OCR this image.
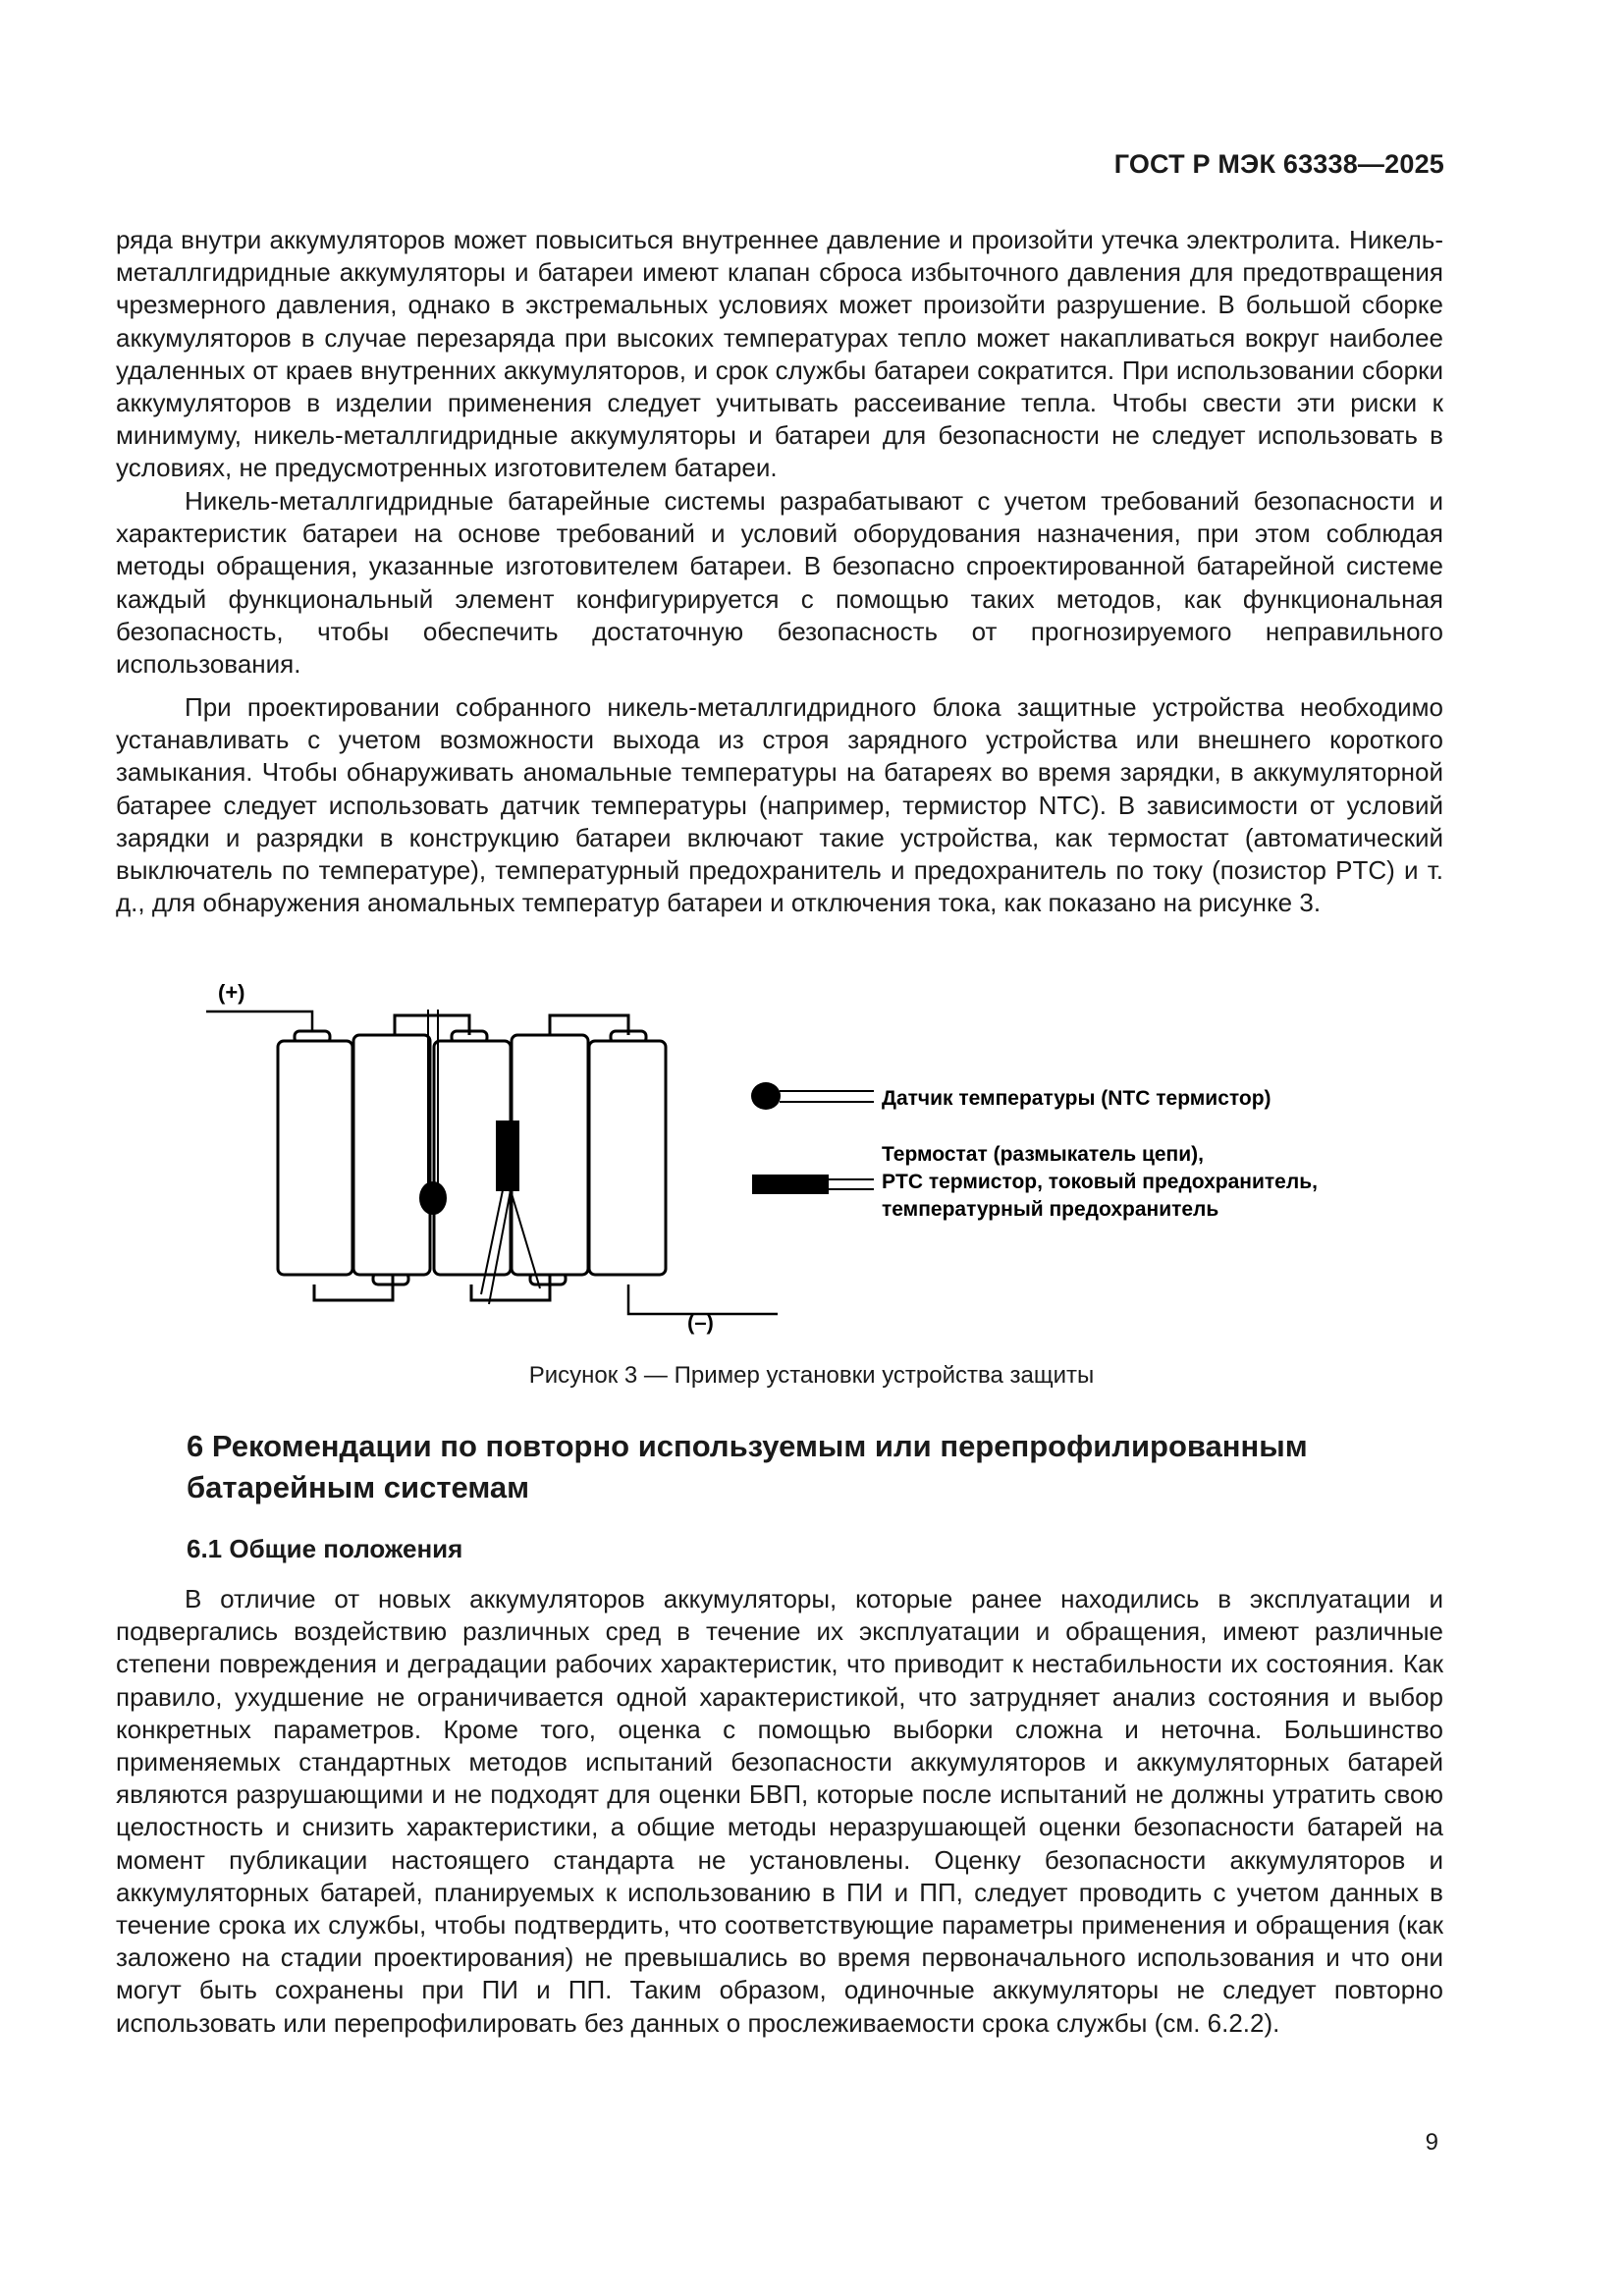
ГОСТ Р МЭК 63338—2025

ряда внутри аккумуляторов может повыситься внутреннее давление и произойти утечка электролита. Никель-металлгидридные аккумуляторы и батареи имеют клапан сброса избыточного давления для предотвращения чрезмерного давления, однако в экстремальных условиях может произойти разрушение. В большой сборке аккумуляторов в случае перезаряда при высоких температурах тепло может накапливаться вокруг наиболее удаленных от краев внутренних аккумуляторов, и срок службы батареи сократится. При использовании сборки аккумуляторов в изделии применения следует учитывать рассеивание тепла. Чтобы свести эти риски к минимуму, никель-металлгидридные аккумуляторы и батареи для безопасности не следует использовать в условиях, не предусмотренных изготовителем батареи.

Никель-металлгидридные батарейные системы разрабатывают с учетом требований безопасности и характеристик батареи на основе требований и условий оборудования назначения, при этом соблюдая методы обращения, указанные изготовителем батареи. В безопасно спроектированной батарейной системе каждый функциональный элемент конфигурируется с помощью таких методов, как функциональная безопасность, чтобы обеспечить достаточную безопасность от прогнозируемого неправильного использования.

При проектировании собранного никель-металлгидридного блока защитные устройства необходимо устанавливать с учетом возможности выхода из строя зарядного устройства или внешнего короткого замыкания. Чтобы обнаруживать аномальные температуры на батареях во время зарядки, в аккумуляторной батарее следует использовать датчик температуры (например, термистор NTC). В зависимости от условий зарядки и разрядки в конструкцию батареи включают такие устройства, как термостат (автоматический выключатель по температуре), температурный предохранитель и предохранитель по току (позистор PTC) и т. д., для обнаружения аномальных температур батареи и отключения тока, как показано на рисунке 3.

(+)
(–)
Датчик температуры (NTC термистор)
Термостат (размыкатель цепи),
PTC термистор, токовый предохранитель,
температурный предохранитель
Рисунок 3 — Пример установки устройства защиты
6 Рекомендации по повторно используемым или перепрофилированным батарейным системам
6.1 Общие положения

В отличие от новых аккумуляторов аккумуляторы, которые ранее находились в эксплуатации и подвергались воздействию различных сред в течение их эксплуатации и обращения, имеют различные степени повреждения и деградации рабочих характеристик, что приводит к нестабильности их состояния. Как правило, ухудшение не ограничивается одной характеристикой, что затрудняет анализ состояния и выбор конкретных параметров. Кроме того, оценка с помощью выборки сложна и неточна. Большинство применяемых стандартных методов испытаний безопасности аккумуляторов и аккумуляторных батарей являются разрушающими и не подходят для оценки БВП, которые после испытаний не должны утратить свою целостность и снизить характеристики, а общие методы неразрушающей оценки безопасности батарей на момент публикации настоящего стандарта не установлены. Оценку безопасности аккумуляторов и аккумуляторных батарей, планируемых к использованию в ПИ и ПП, следует проводить с учетом данных в течение срока их службы, чтобы подтвердить, что соответствующие параметры применения и обращения (как заложено на стадии проектирования) не превышались во время первоначального использования и что они могут быть сохранены при ПИ и ПП. Таким образом, одиночные аккумуляторы не следует повторно использовать или перепрофилировать без данных о прослеживаемости срока службы (см. 6.2.2).

9
